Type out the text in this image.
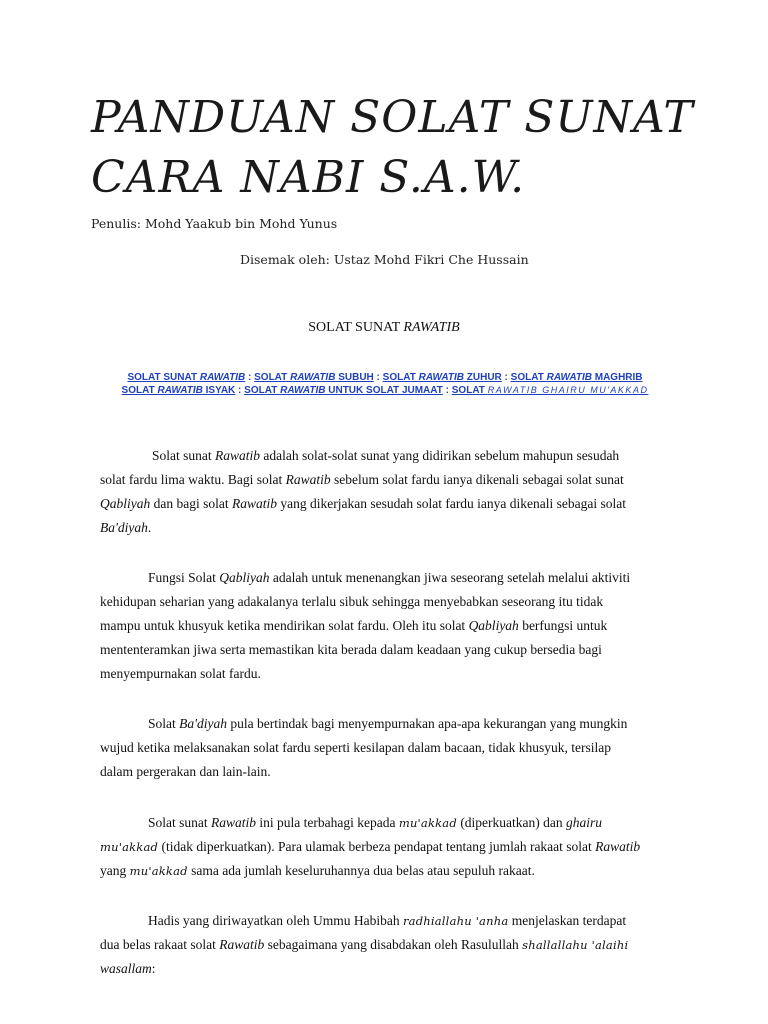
PANDUAN SOLAT SUNAT
CARA NABI S.A.W.
Penulis: Mohd Yaakub bin Mohd Yunus
Disemak oleh: Ustaz Mohd Fikri Che Hussain
SOLAT SUNAT RAWATIB
SOLAT SUNAT RAWATIB : SOLAT RAWATIB SUBUH : SOLAT RAWATIB ZUHUR : SOLAT RAWATIB MAGHRIB
SOLAT RAWATIB ISYAK : SOLAT RAWATIB UNTUK SOLAT JUMAAT : SOLAT RAWATIB GHAIRU MU'AKKAD
Solat sunat Rawatib adalah solat-solat sunat yang didirikan sebelum mahupun sesudah
solat fardu lima waktu. Bagi solat Rawatib sebelum solat fardu ianya dikenali sebagai solat sunat
Qabliyah dan bagi solat Rawatib yang dikerjakan sesudah solat fardu ianya dikenali sebagai solat
Ba'diyah.
Fungsi Solat Qabliyah adalah untuk menenangkan jiwa seseorang setelah melalui aktiviti
kehidupan seharian yang adakalanya terlalu sibuk sehingga menyebabkan seseorang itu tidak
mampu untuk khusyuk ketika mendirikan solat fardu. Oleh itu solat Qabliyah berfungsi untuk
mententeramkan jiwa serta memastikan kita berada dalam keadaan yang cukup bersedia bagi
menyempurnakan solat fardu.
Solat Ba'diyah pula bertindak bagi menyempurnakan apa-apa kekurangan yang mungkin
wujud ketika melaksanakan solat fardu seperti kesilapan dalam bacaan, tidak khusyuk, tersilap
dalam pergerakan dan lain-lain.
Solat sunat Rawatib ini pula terbahagi kepada mu'akkad (diperkuatkan) dan ghairu
mu'akkad (tidak diperkuatkan). Para ulamak berbeza pendapat tentang jumlah rakaat solat Rawatib
yang mu'akkad sama ada jumlah keseluruhannya dua belas atau sepuluh rakaat.
Hadis yang diriwayatkan oleh Ummu Habibah radhiallahu 'anha menjelaskan terdapat
dua belas rakaat solat Rawatib sebagaimana yang disabdakan oleh Rasulullah shallallahu 'alaihi
wasallam:
